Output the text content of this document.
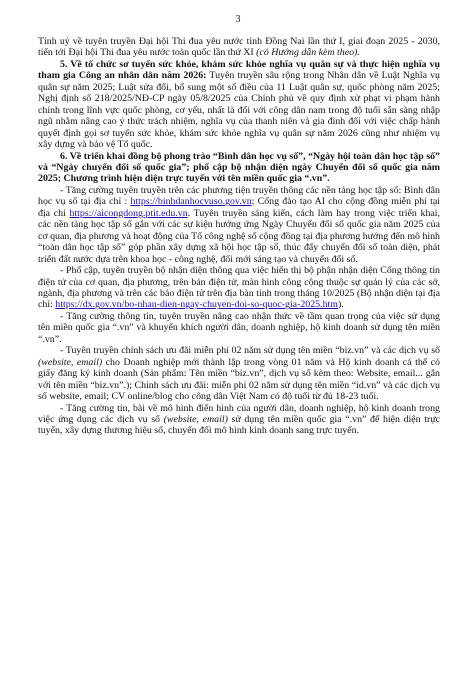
3

Tỉnh uỷ về tuyên truyền Đại hội Thi đua yêu nước tỉnh Đồng Nai lần thứ I, giai đoạn 2025 - 2030, tiến tới Đại hội Thi đua yêu nước toàn quốc lần thứ XI (có Hướng dẫn kèm theo).

5. Về tổ chức sơ tuyển sức khỏe, khám sức khỏe nghĩa vụ quân sự và thực hiện nghĩa vụ tham gia Công an nhân dân năm 2026: Tuyên truyền sâu rộng trong Nhân dân về Luật Nghĩa vụ quân sự năm 2025; Luật sửa đổi, bổ sung một số điều của 11 Luật quân sự, quốc phòng năm 2025; Nghị định số 218/2025/NĐ-CP ngày 05/8/2025 của Chính phủ về quy định xử phạt vi phạm hành chính trong lĩnh vực quốc phòng, cơ yếu, nhất là đối với công dân nam trong độ tuổi sẵn sàng nhập ngũ nhằm nâng cao ý thức trách nhiệm, nghĩa vụ của thanh niên và gia đình đối với việc chấp hành quyết định gọi sơ tuyển sức khỏe, khám sức khỏe nghĩa vụ quân sự năm 2026 cũng như nhiệm vụ xây dựng và bảo vệ Tổ quốc.

6. Về triển khai đồng bộ phong trào “Bình dân học vụ số”, “Ngày hội toàn dân học tập số” và “Ngày chuyển đổi số quốc gia”; phổ cập bộ nhận diện ngày Chuyển đổi số quốc gia năm 2025; Chương trình hiện diện trực tuyến với tên miền quốc gia “.vn”.

- Tăng cường tuyên truyền trên các phương tiện truyền thông các nền tảng học tập số: Bình dân học vụ số tại địa chỉ : https://binhdanhocvuso.gov.vn; Cổng đào tạo AI cho cộng đồng miễn phí tại địa chỉ https://aicongdong.ptit.edu.vn. Tuyên truyền sáng kiến, cách làm hay trong việc triển khai, các nền tảng học tập số gắn với các sự kiện hưởng ứng Ngày Chuyển đổi số quốc gia năm 2025 của cơ quan, địa phương và hoạt động của Tổ công nghệ số cộng đồng tại địa phương hướng đến mô hình “toàn dân học tập số” góp phần xây dựng xã hội học tập số, thúc đẩy chuyển đổi số toàn diện, phát triển đất nước dựa trên khoa học - công nghệ, đổi mới sáng tạo và chuyển đổi số.

- Phổ cập, tuyên truyền bộ nhận diện thông qua việc hiển thị bộ phận nhận diện Cổng thông tin điện tử của cơ quan, địa phương, trên bản điện tử, màn hình công cộng thuộc sự quản lý của các sở, ngành, địa phương và trên các báo điện tử trên địa bàn tỉnh trong tháng 10/2025 (Bộ nhận diện tại địa chỉ: https://dx.gov.vn/bo-nhan-dien-ngay-chuyen-doi-so-quoc-gia-2025.htm).

- Tăng cường thông tin, tuyên truyền nâng cao nhận thức về tầm quan trọng của việc sử dụng tên miền quốc gia “.vn” và khuyến khích người dân, doanh nghiệp, hộ kinh doanh sử dụng tên miền “.vn”.

- Tuyên truyền chính sách ưu đãi miễn phí 02 năm sử dụng tên miền “biz.vn” và các dịch vụ số (website, email) cho Doanh nghiệp mới thành lập trong vòng 01 năm và Hộ kinh doanh cá thể có giấy đăng ký kinh doanh (Sản phẩm: Tên miền “biz.vn”, dịch vụ số kèm theo: Website, email... gắn với tên miền “biz.vn”.); Chính sách ưu đãi: miễn phí 02 năm sử dụng tên miền “id.vn” và các dịch vụ số website, email; CV online/blog cho công dân Việt Nam có độ tuổi từ đủ 18-23 tuổi.

- Tăng cường tin, bài về mô hình điển hình của người dân, doanh nghiệp, hộ kinh doanh trong việc ứng dụng các dịch vụ số (website, email) sử dụng tên miền quốc gia “.vn” để hiện diện trực tuyến, xây dựng thương hiệu số, chuyển đổi mô hình kinh doanh sang trực tuyến.
